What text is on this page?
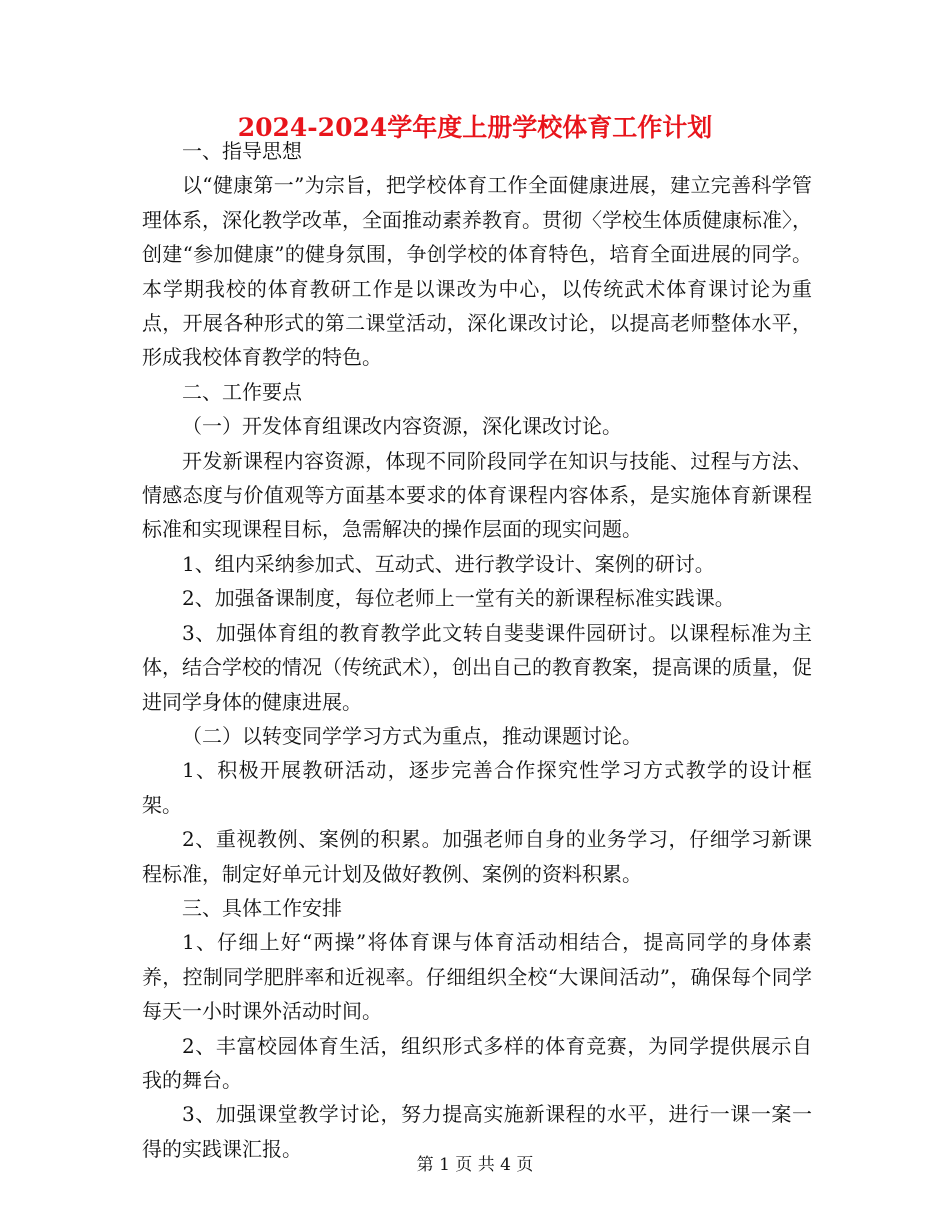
2024-2024学年度上册学校体育工作计划

一、指导思想

以“健康第一”为宗旨，把学校体育工作全面健康进展，建立完善科学管理体系，深化教学改革，全面推动素养教育。贯彻〈学校生体质健康标准〉，创建“参加健康”的健身氛围，争创学校的体育特色，培育全面进展的同学。本学期我校的体育教研工作是以课改为中心，以传统武术体育课讨论为重点，开展各种形式的第二课堂活动，深化课改讨论，以提高老师整体水平，形成我校体育教学的特色。

二、工作要点

（一）开发体育组课改内容资源，深化课改讨论。

开发新课程内容资源，体现不同阶段同学在知识与技能、过程与方法、情感态度与价值观等方面基本要求的体育课程内容体系，是实施体育新课程标准和实现课程目标，急需解决的操作层面的现实问题。

1、组内采纳参加式、互动式、进行教学设计、案例的研讨。

2、加强备课制度，每位老师上一堂有关的新课程标准实践课。

3、加强体育组的教育教学此文转自斐斐课件园研讨。以课程标准为主体，结合学校的情况（传统武术），创出自己的教育教案，提高课的质量，促进同学身体的健康进展。

（二）以转变同学学习方式为重点，推动课题讨论。

1、积极开展教研活动，逐步完善合作探究性学习方式教学的设计框架。

2、重视教例、案例的积累。加强老师自身的业务学习，仔细学习新课程标准，制定好单元计划及做好教例、案例的资料积累。

三、具体工作安排

1、仔细上好“两操”将体育课与体育活动相结合，提高同学的身体素养，控制同学肥胖率和近视率。仔细组织全校“大课间活动”，确保每个同学每天一小时课外活动时间。

2、丰富校园体育生活，组织形式多样的体育竞赛，为同学提供展示自我的舞台。

3、加强课堂教学讨论，努力提高实施新课程的水平，进行一课一案一得的实践课汇报。

第 1 页 共 4 页
